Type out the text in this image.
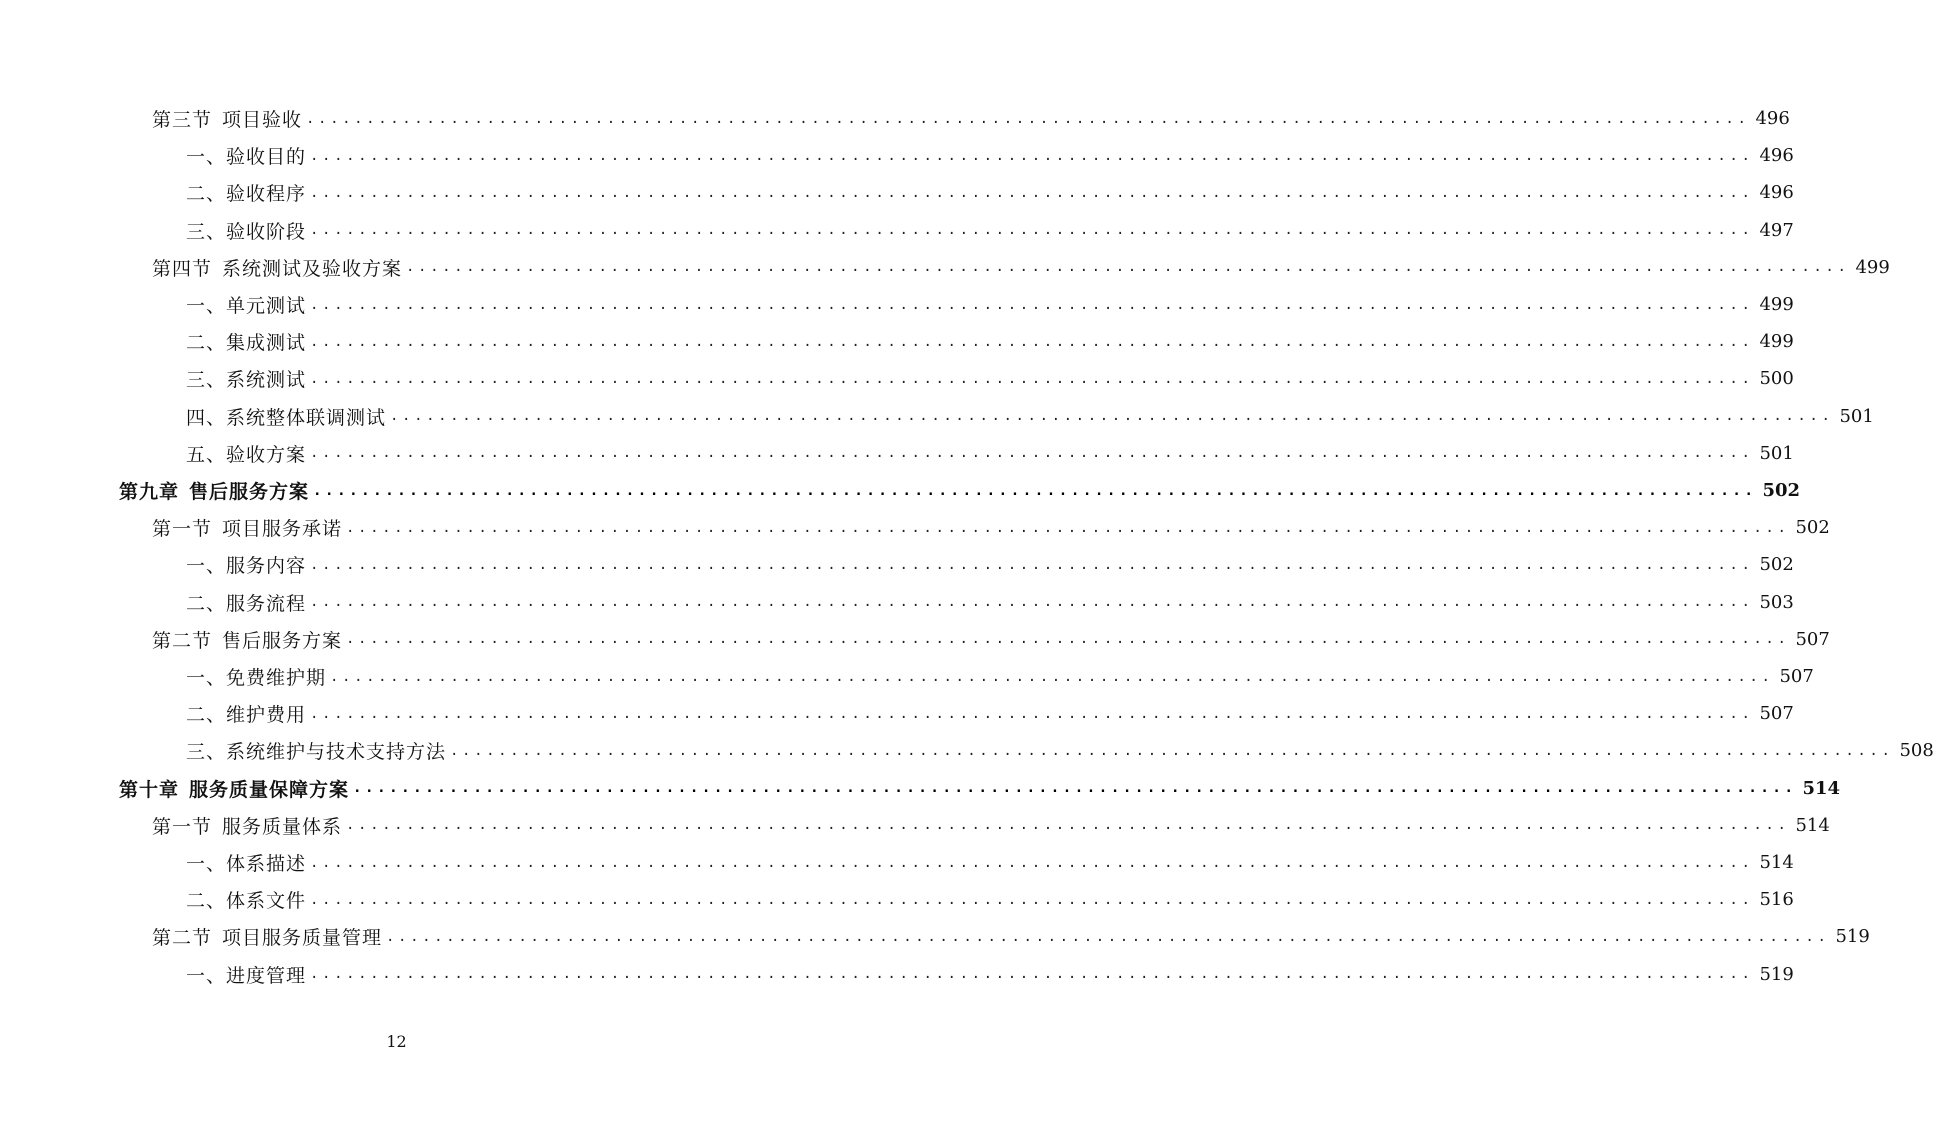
第三节 项目验收 ........................................................................................................................ 496
一、验收目的 ........................................................................................................................ 496
二、验收程序 ........................................................................................................................ 496
三、验收阶段 ........................................................................................................................ 497
第四节 系统测试及验收方案 ........................................................................................................................ 499
一、单元测试 ........................................................................................................................ 499
二、集成测试 ........................................................................................................................ 499
三、系统测试 ........................................................................................................................ 500
四、系统整体联调测试 ........................................................................................................................ 501
五、验收方案 ........................................................................................................................ 501
第九章 售后服务方案 ........................................................................................................................ 502
第一节 项目服务承诺 ........................................................................................................................ 502
一、服务内容 ........................................................................................................................ 502
二、服务流程 ........................................................................................................................ 503
第二节 售后服务方案 ........................................................................................................................ 507
一、免费维护期 ........................................................................................................................ 507
二、维护费用 ........................................................................................................................ 507
三、系统维护与技术支持方法 ........................................................................................................................ 508
第十章 服务质量保障方案 ........................................................................................................................ 514
第一节 服务质量体系 ........................................................................................................................ 514
一、体系描述 ........................................................................................................................ 514
二、体系文件 ........................................................................................................................ 516
第二节 项目服务质量管理 ........................................................................................................................ 519
一、进度管理 ........................................................................................................................ 519
12
